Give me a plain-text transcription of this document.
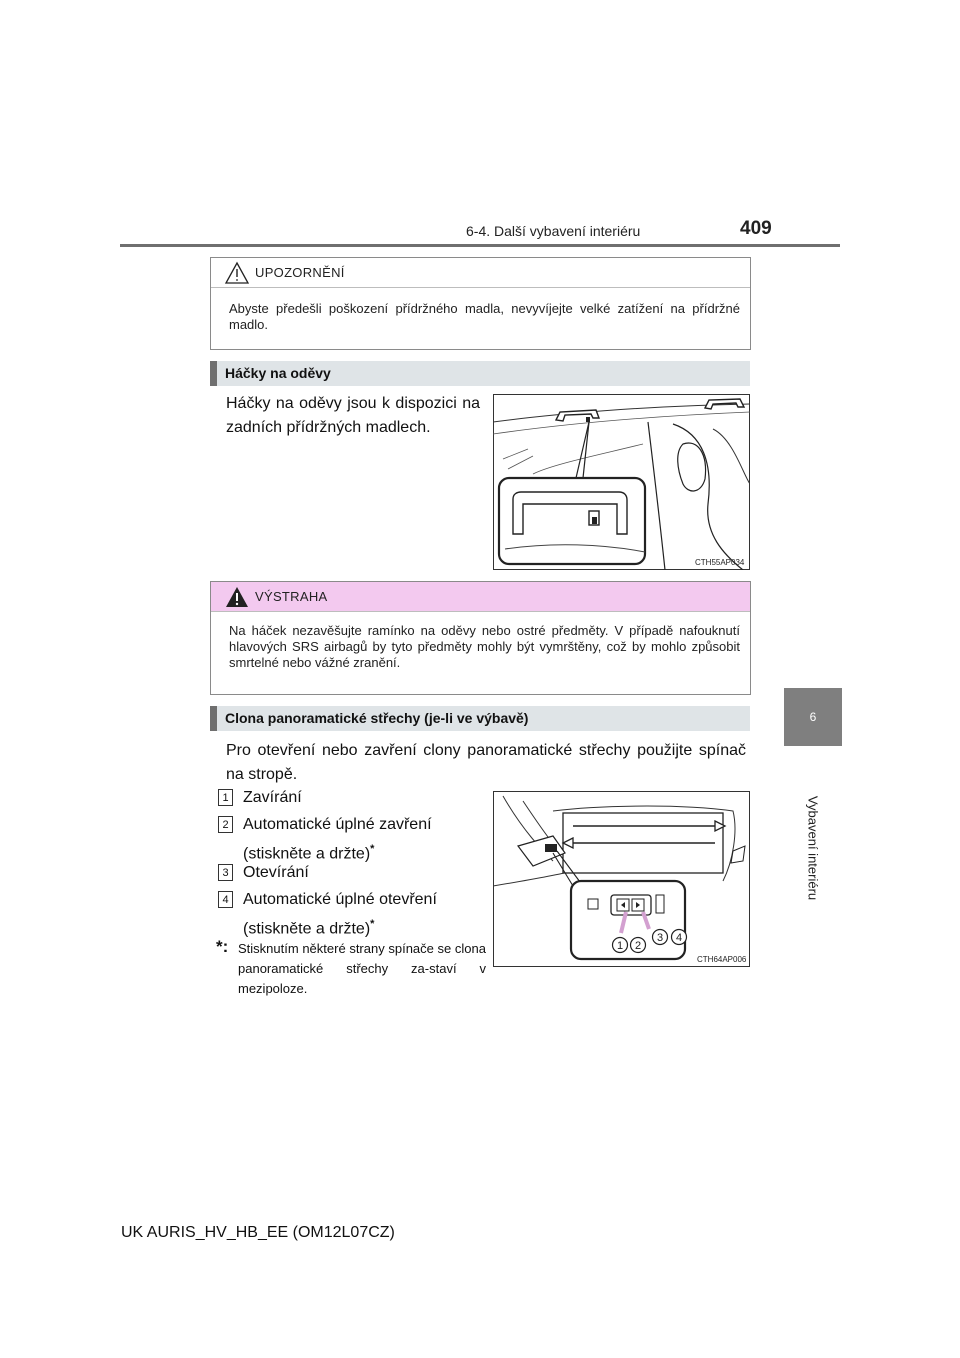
6-4. Další vybavení interiéru	409
6
Vybavení interiéru
UPOZORNĚNÍ
Abyste předešli poškození přídržného madla, nevyvíjejte velké zatížení na přídržné madlo.
Háčky na oděvy
Háčky na oděvy jsou k dispozici na zadních přídržných madlech.
CTH55AP034
VÝSTRAHA
Na háček nezavěšujte ramínko na oděvy nebo ostré předměty. V případě nafouknutí hlavových SRS airbagů by tyto předměty mohly být vymrštěny, což by mohlo způsobit smrtelné nebo vážné zranění.
Clona panoramatické střechy (je-li ve výbavě)
Pro otevření nebo zavření clony panoramatické střechy použijte spínač na stropě.
1 Zavírání
2 Automatické úplné zavření
(stiskněte a držte)*
3 Otevírání
4 Automatické úplné otevření
(stiskněte a držte)*
*: Stisknutím některé strany spínače se clona panoramatické střechy za-staví v mezipoloze.
1 2
3 4
CTH64AP006
UK AURIS_HV_HB_EE (OM12L07CZ)
